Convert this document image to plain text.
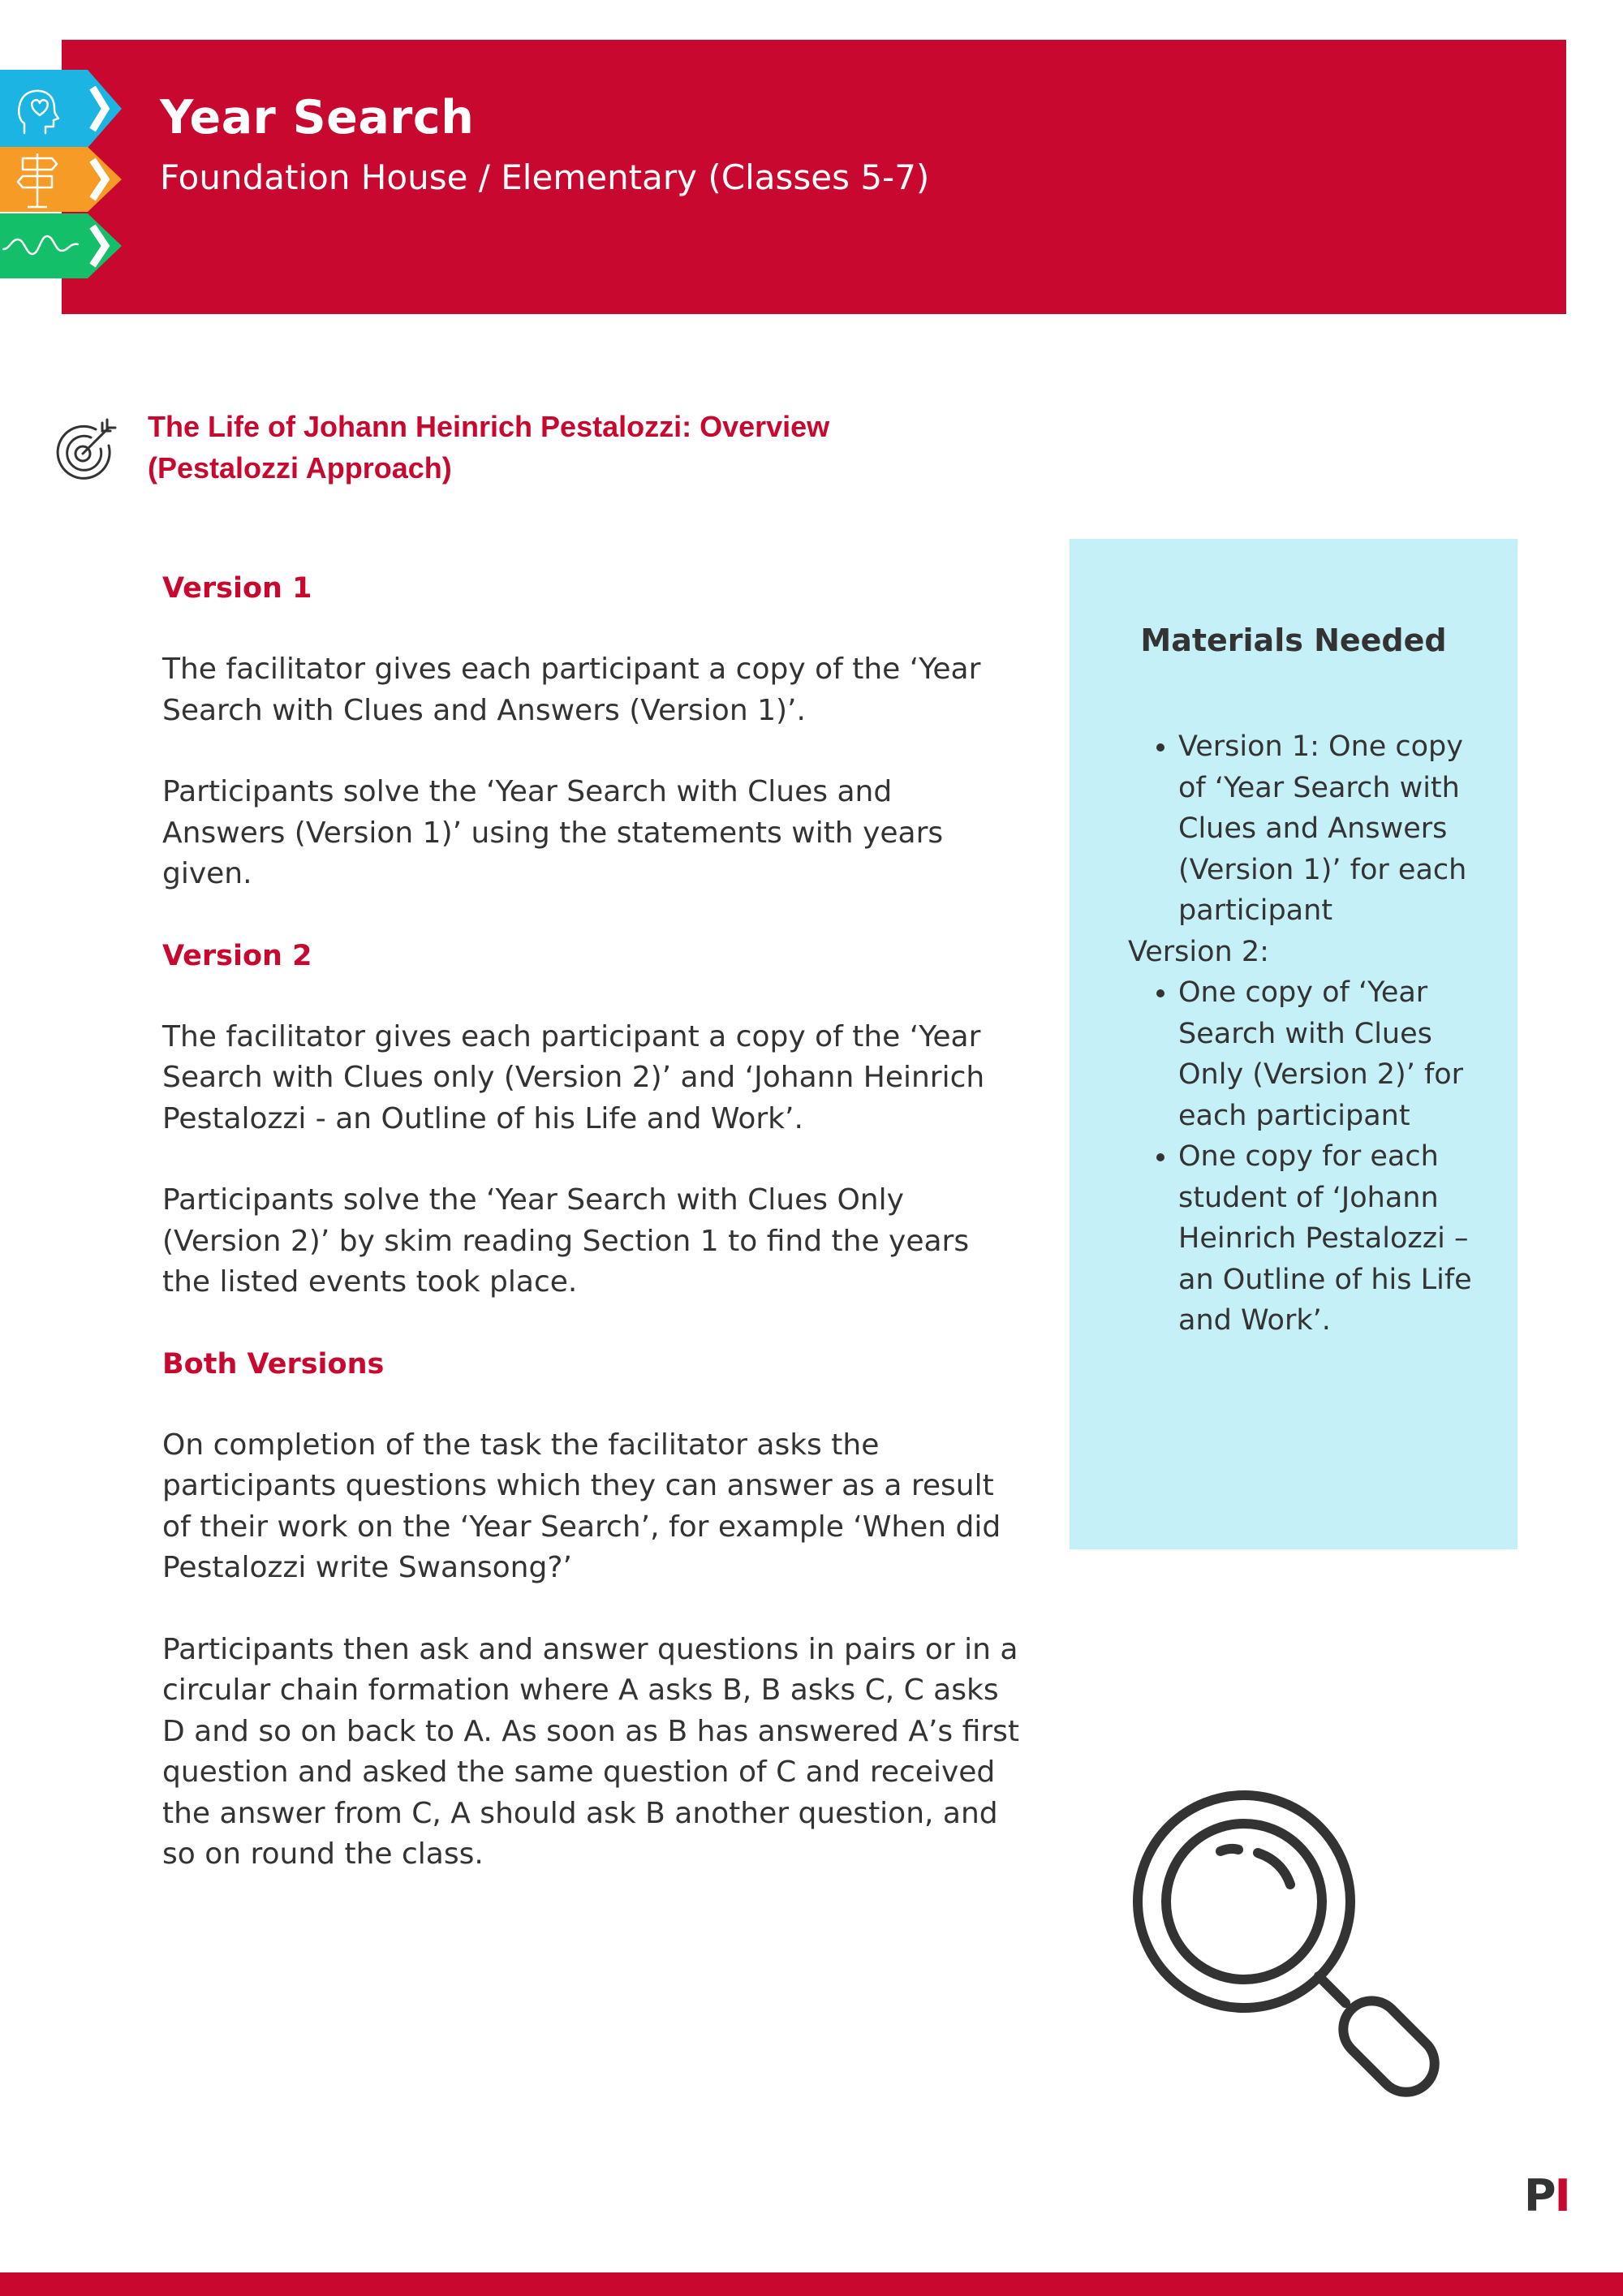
Year Search

Foundation House / Elementary (Classes 5-7)

The Life of Johann Heinrich Pestalozzi: Overview
(Pestalozzi Approach)
Version 1

The facilitator gives each participant a copy of the ‘Year Search with Clues and Answers (Version 1)’.

Participants solve the ‘Year Search with Clues and Answers (Version 1)’ using the statements with years given.

Version 2

The facilitator gives each participant a copy of the ‘Year Search with Clues only (Version 2)’ and ‘Johann Heinrich Pestalozzi - an Outline of his Life and Work’.

Participants solve the ‘Year Search with Clues Only (Version 2)’ by skim reading Section 1 to find the years the listed events took place.

Both Versions

On completion of the task the facilitator asks the participants questions which they can answer as a result of their work on the ‘Year Search’, for example ‘When did Pestalozzi write Swansong?’

Participants then ask and answer questions in pairs or in a circular chain formation where A asks B, B asks C, C asks D and so on back to A. As soon as B has answered A’s first question and asked the same question of C and received the answer from C, A should ask B another question, and so on round the class.

Materials Needed
• Version 1: One copy of ‘Year Search with Clues and Answers (Version 1)’ for each participant

Version 2:

• One copy of ‘Year Search with Clues Only (Version 2)’ for each participant
• One copy for each student of ‘Johann Heinrich Pestalozzi – an Outline of his Life and Work’.

PI
